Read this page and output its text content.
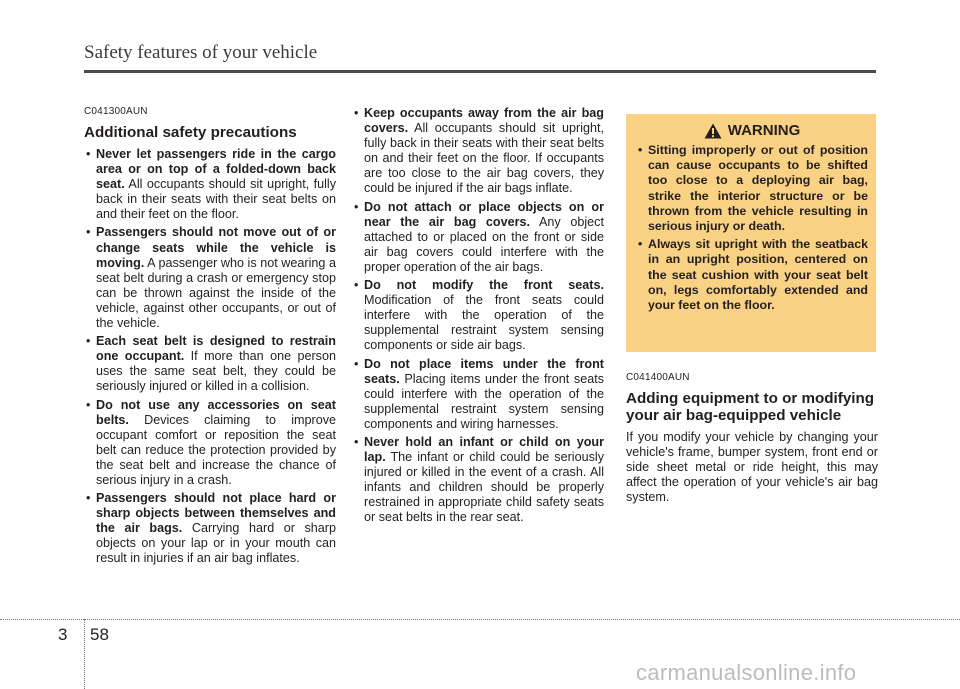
Safety features of your vehicle
C041300AUN
Additional safety precautions
• Never let passengers ride in the cargo area or on top of a folded-down back seat. All occupants should sit upright, fully back in their seats with their seat belts on and their feet on the floor.
• Passengers should not move out of or change seats while the vehicle is moving. A passenger who is not wearing a seat belt during a crash or emergency stop can be thrown against the inside of the vehicle, against other occupants, or out of the vehicle.
• Each seat belt is designed to restrain one occupant. If more than one person uses the same seat belt, they could be seriously injured or killed in a collision.
• Do not use any accessories on seat belts. Devices claiming to improve occupant comfort or reposition the seat belt can reduce the protection provided by the seat belt and increase the chance of serious injury in a crash.
• Passengers should not place hard or sharp objects between themselves and the air bags. Carrying hard or sharp objects on your lap or in your mouth can result in injuries if an air bag inflates.
• Keep occupants away from the air bag covers. All occupants should sit upright, fully back in their seats with their seat belts on and their feet on the floor. If occupants are too close to the air bag covers, they could be injured if the air bags inflate.
• Do not attach or place objects on or near the air bag covers. Any object attached to or placed on the front or side air bag covers could interfere with the proper operation of the air bags.
• Do not modify the front seats. Modification of the front seats could interfere with the operation of the supplemental restraint system sensing components or side air bags.
• Do not place items under the front seats. Placing items under the front seats could interfere with the operation of the supplemental restraint system sensing components and wiring harnesses.
• Never hold an infant or child on your lap. The infant or child could be seriously injured or killed in the event of a crash. All infants and children should be properly restrained in appropriate child safety seats or seat belts in the rear seat.
WARNING
• Sitting improperly or out of position can cause occupants to be shifted too close to a deploying air bag, strike the interior structure or be thrown from the vehicle resulting in serious injury or death.
• Always sit upright with the seatback in an upright position, centered on the seat cushion with your seat belt on, legs comfortably extended and your feet on the floor.
C041400AUN
Adding equipment to or modifying your air bag-equipped vehicle
If you modify your vehicle by changing your vehicle's frame, bumper system, front end or side sheet metal or ride height, this may affect the operation of your vehicle's air bag system.
3 58
carmanualsonline.info
